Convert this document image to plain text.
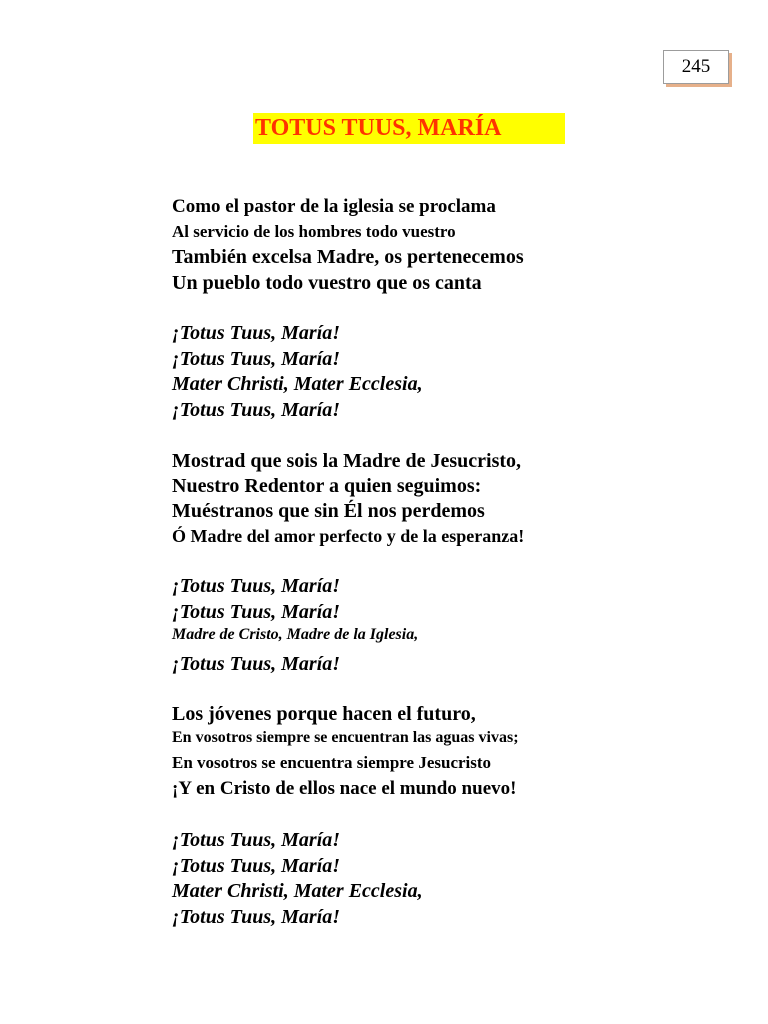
245
TOTUS TUUS, MARÍA
Como el pastor de la iglesia se proclama
Al servicio de los hombres todo vuestro
También excelsa Madre, os pertenecemos
Un pueblo todo vuestro que os canta
¡Totus Tuus, María!
¡Totus Tuus, María!
Mater Christi, Mater Ecclesia,
¡Totus Tuus, María!
Mostrad que sois la Madre de Jesucristo,
Nuestro Redentor a quien seguimos:
Muéstranos que sin Él nos perdemos
Ó Madre del amor perfecto y de la esperanza!
¡Totus Tuus, María!
¡Totus Tuus, María!
Madre de Cristo, Madre de la Iglesia,
¡Totus Tuus, María!
Los jóvenes porque hacen el futuro,
En vosotros siempre se encuentran las aguas vivas;
En vosotros se encuentra siempre Jesucristo
¡Y en Cristo de ellos nace el mundo nuevo!
¡Totus Tuus, María!
¡Totus Tuus, María!
Mater Christi, Mater Ecclesia,
¡Totus Tuus, María!
